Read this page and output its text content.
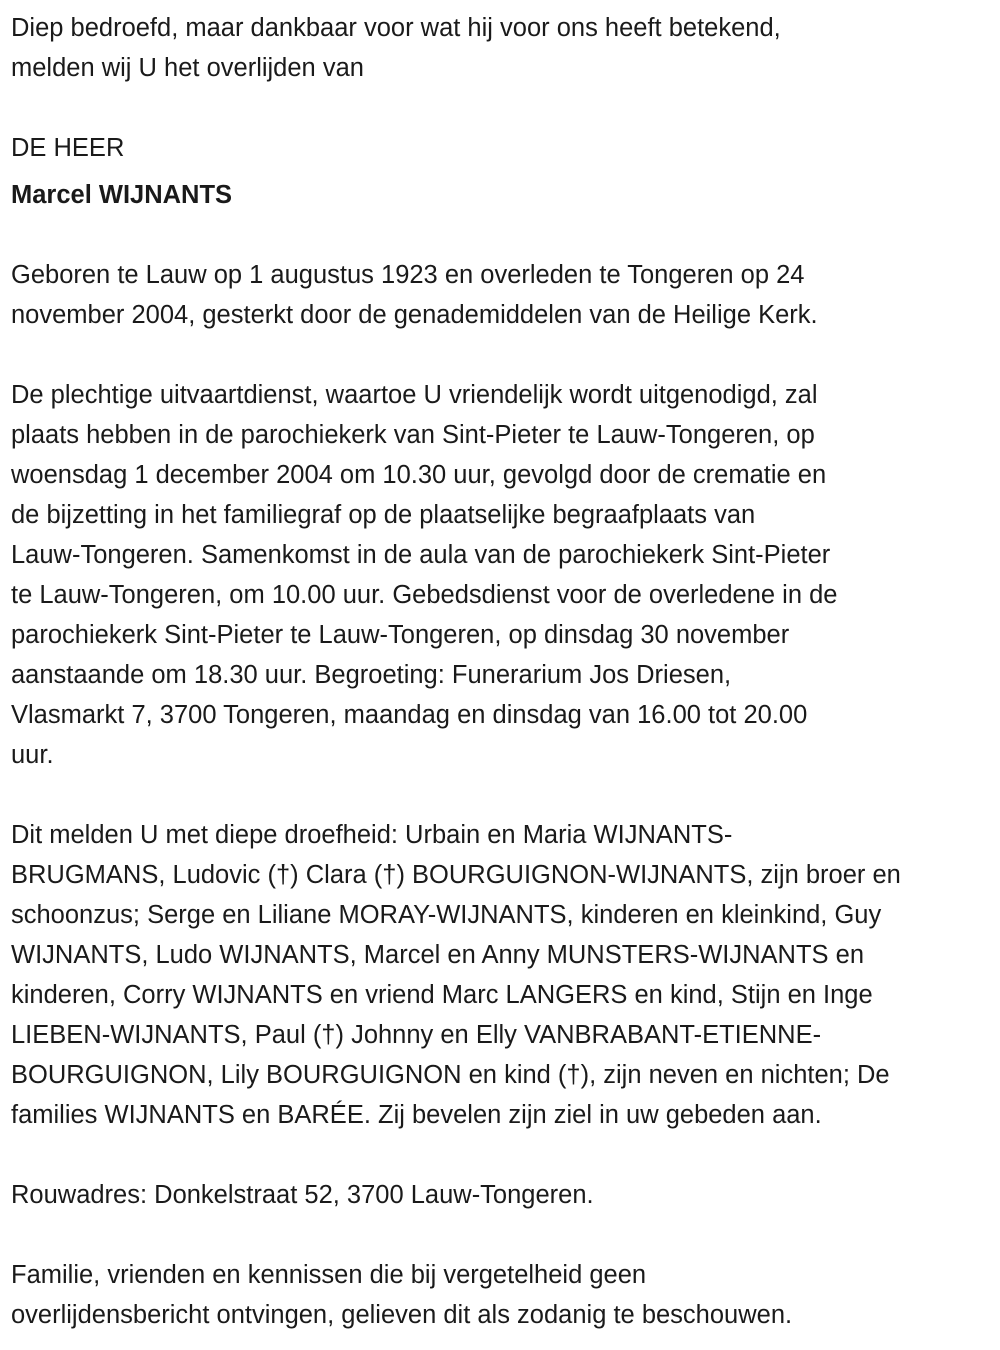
Diep bedroefd, maar dankbaar voor wat hij voor ons heeft betekend,
melden wij U het overlijden van
DE HEER
Marcel WIJNANTS
Geboren te Lauw op 1 augustus 1923 en overleden te Tongeren op 24
november 2004, gesterkt door de genademiddelen van de Heilige Kerk.
De plechtige uitvaartdienst, waartoe U vriendelijk wordt uitgenodigd, zal
plaats hebben in de parochiekerk van Sint-Pieter te Lauw-Tongeren, op
woensdag 1 december 2004 om 10.30 uur, gevolgd door de crematie en
de bijzetting in het familiegraf op de plaatselijke begraafplaats van
Lauw-Tongeren. Samenkomst in de aula van de parochiekerk Sint-Pieter
te Lauw-Tongeren, om 10.00 uur. Gebedsdienst voor de overledene in de
parochiekerk Sint-Pieter te Lauw-Tongeren, op dinsdag 30 november
aanstaande om 18.30 uur. Begroeting: Funerarium Jos Driesen,
Vlasmarkt 7, 3700 Tongeren, maandag en dinsdag van 16.00 tot 20.00
uur.
Dit melden U met diepe droefheid: Urbain en Maria WIJNANTS-
BRUGMANS, Ludovic (†) Clara (†) BOURGUIGNON-WIJNANTS, zijn broer en
schoonzus; Serge en Liliane MORAY-WIJNANTS, kinderen en kleinkind, Guy
WIJNANTS, Ludo WIJNANTS, Marcel en Anny MUNSTERS-WIJNANTS en
kinderen, Corry WIJNANTS en vriend Marc LANGERS en kind, Stijn en Inge
LIEBEN-WIJNANTS, Paul (†) Johnny en Elly VANBRABANT-ETIENNE-
BOURGUIGNON, Lily BOURGUIGNON en kind (†), zijn neven en nichten; De
families WIJNANTS en BARÉE. Zij bevelen zijn ziel in uw gebeden aan.
Rouwadres: Donkelstraat 52, 3700 Lauw-Tongeren.
Familie, vrienden en kennissen die bij vergetelheid geen
overlijdensbericht ontvingen, gelieven dit als zodanig te beschouwen.
